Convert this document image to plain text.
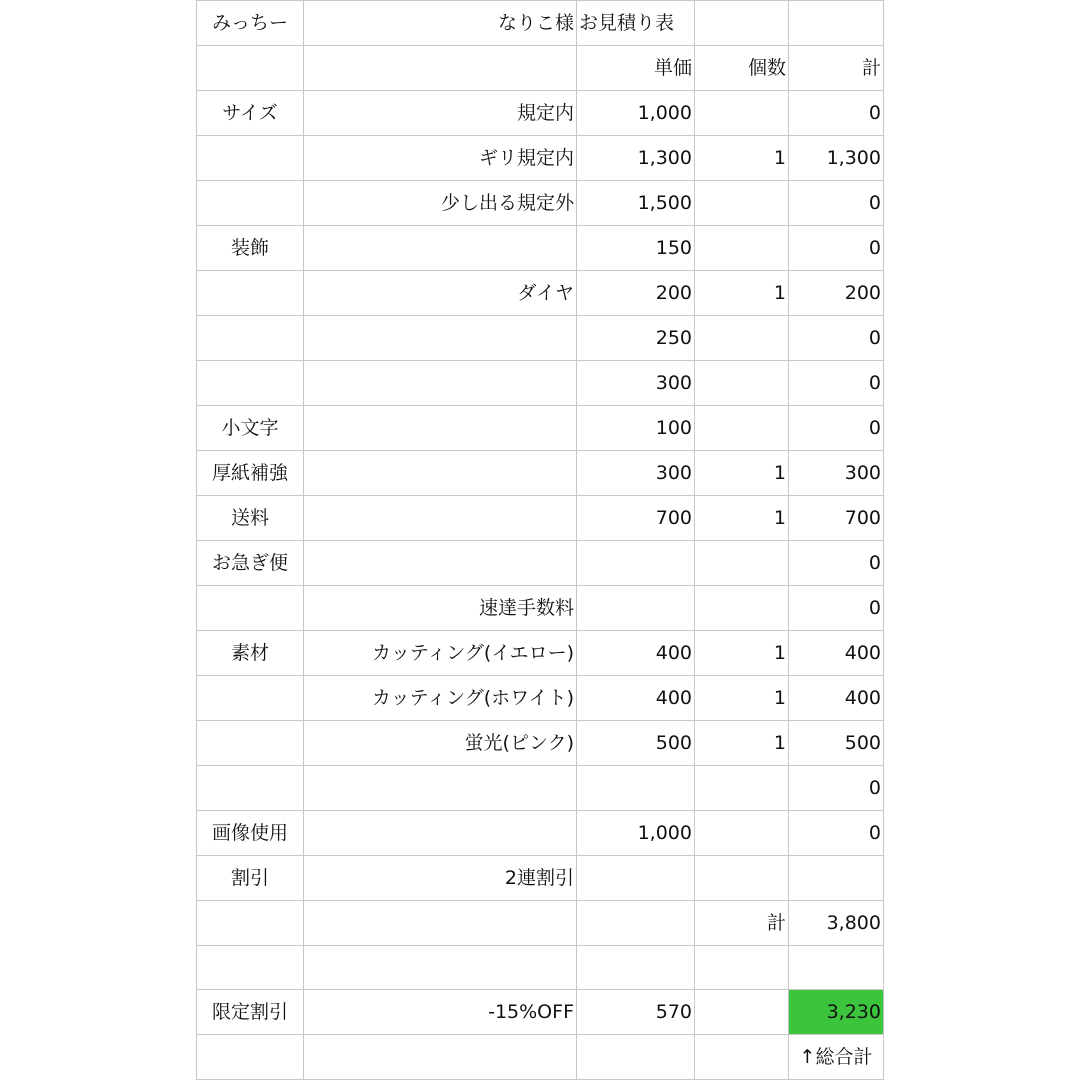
みっちー	なりこ様	お見積り表		
		単価	個数	計
サイズ	規定内	1,000		0
	ギリ規定内	1,300	1	1,300
	少し出る規定外	1,500		0
装飾		150		0
	ダイヤ	200	1	200
		250		0
		300		0
小文字		100		0
厚紙補強		300	1	300
送料		700	1	700
お急ぎ便				0
	速達手数料			0
素材	カッティング(イエロー)	400	1	400
	カッティング(ホワイト)	400	1	400
	蛍光(ピンク)	500	1	500
				0
画像使用		1,000		0
割引	2連割引			
			計	3,800

限定割引	-15%OFF	570		3,230
				↑総合計
